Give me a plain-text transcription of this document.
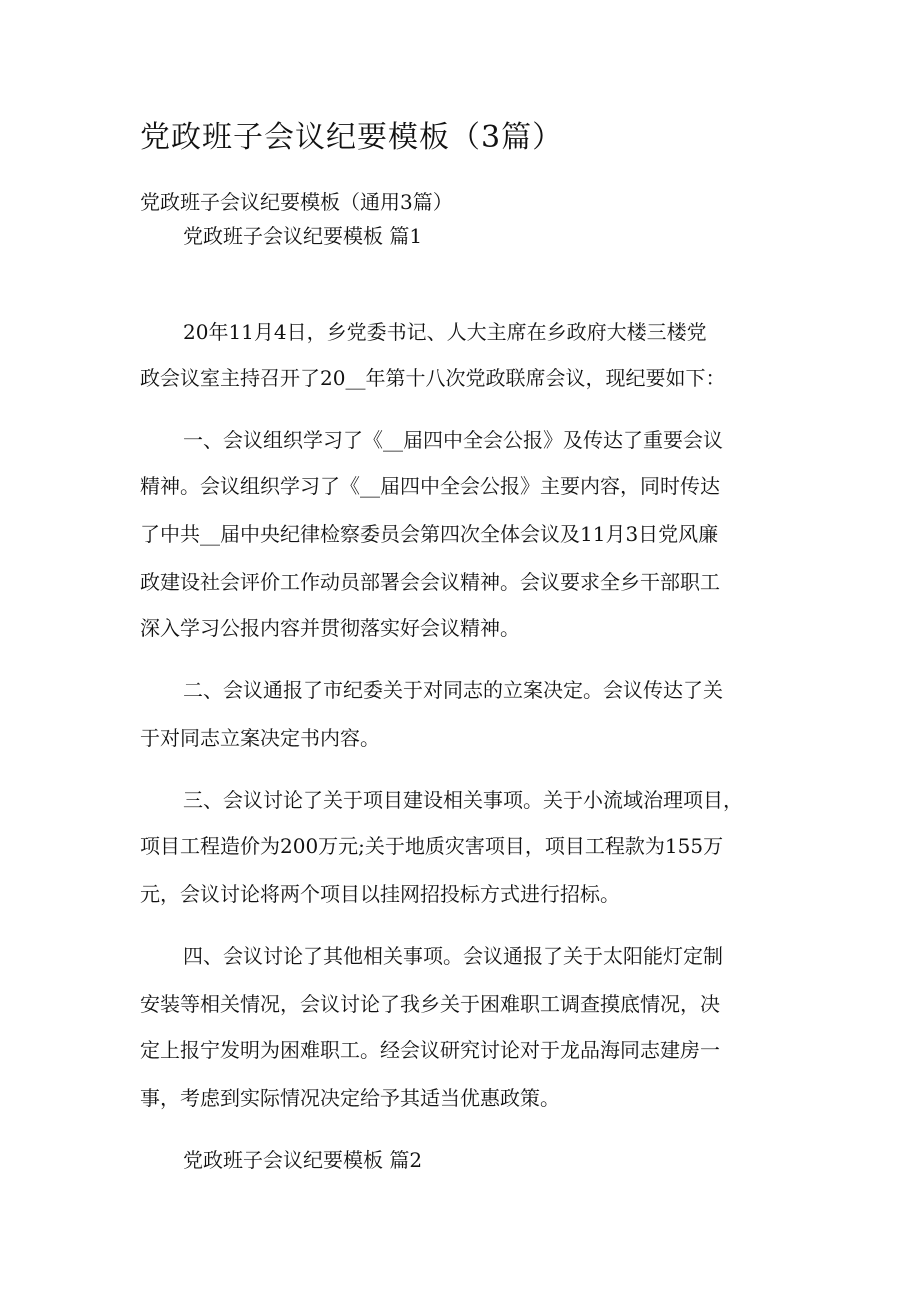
党政班子会议纪要模板（3篇）
党政班子会议纪要模板（通用3篇）
党政班子会议纪要模板 篇1
20年11月4日，乡党委书记、人大主席在乡政府大楼三楼党
政会议室主持召开了20__年第十八次党政联席会议，现纪要如下：
一、会议组织学习了《__届四中全会公报》及传达了重要会议
精神。会议组织学习了《__届四中全会公报》主要内容，同时传达
了中共__届中央纪律检察委员会第四次全体会议及11月3日党风廉
政建设社会评价工作动员部署会会议精神。会议要求全乡干部职工
深入学习公报内容并贯彻落实好会议精神。
二、会议通报了市纪委关于对同志的立案决定。会议传达了关
于对同志立案决定书内容。
三、会议讨论了关于项目建设相关事项。关于小流域治理项目，
项目工程造价为200万元;关于地质灾害项目，项目工程款为155万
元，会议讨论将两个项目以挂网招投标方式进行招标。
四、会议讨论了其他相关事项。会议通报了关于太阳能灯定制
安装等相关情况，会议讨论了我乡关于困难职工调查摸底情况，决
定上报宁发明为困难职工。经会议研究讨论对于龙品海同志建房一
事，考虑到实际情况决定给予其适当优惠政策。
党政班子会议纪要模板 篇2
